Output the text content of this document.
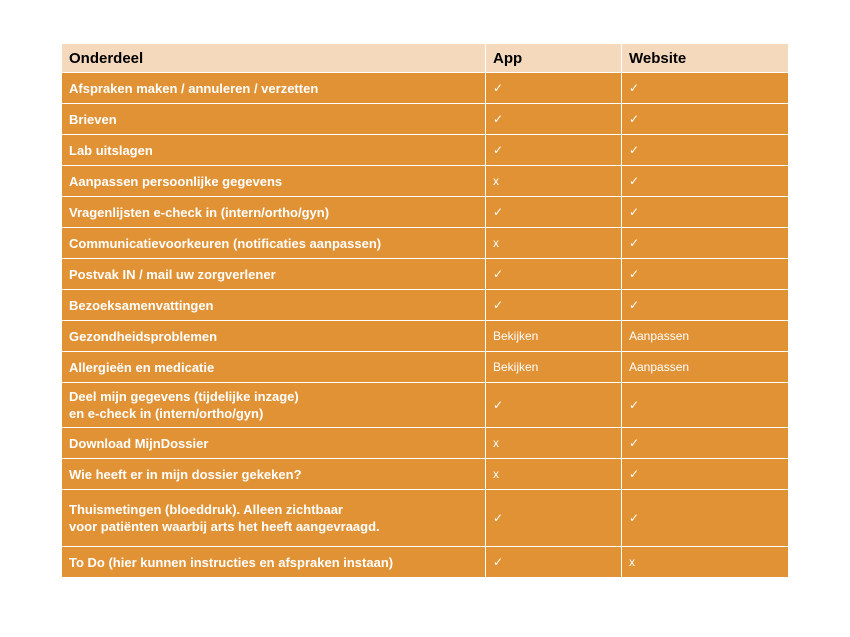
Onderdeel	App	Website

Afspraken maken / annuleren / verzetten	✓	✓

Brieven	✓	✓

Lab uitslagen	✓	✓

Aanpassen persoonlijke gegevens	x	✓

Vragenlijsten e-check in (intern/ortho/gyn)	✓	✓

Communicatievoorkeuren (notificaties aanpassen)	x	✓

Postvak IN / mail uw zorgverlener	✓	✓

Bezoeksamenvattingen	✓	✓

Gezondheidsproblemen	Bekijken	Aanpassen

Allergieën en medicatie	Bekijken	Aanpassen

Deel mijn gegevens (tijdelijke inzage)
en e-check in (intern/ortho/gyn)	✓	✓

Download MijnDossier	x	✓

Wie heeft er in mijn dossier gekeken?	x	✓

Thuismetingen (bloeddruk). Alleen zichtbaar
voor patiënten waarbij arts het heeft aangevraagd.	✓	✓

To Do (hier kunnen instructies en afspraken instaan)	✓	x
